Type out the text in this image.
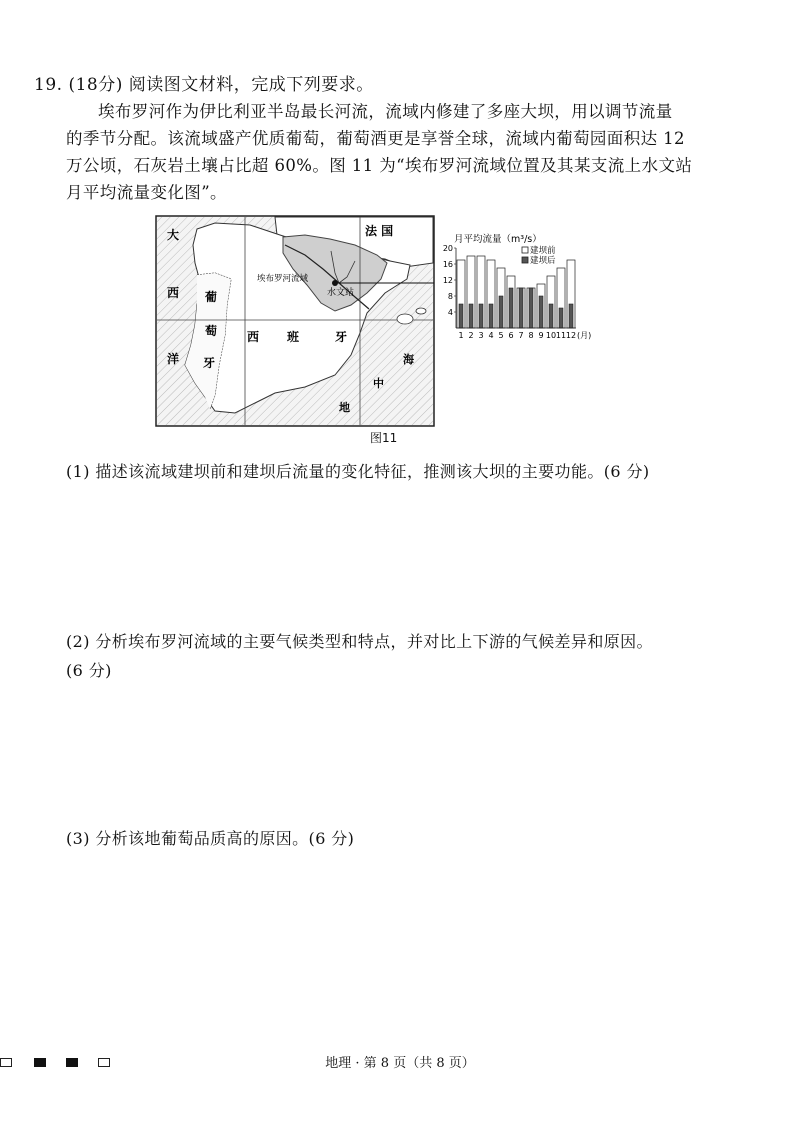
19. (18分) 阅读图文材料，完成下列要求。
埃布罗河作为伊比利亚半岛最长河流，流域内修建了多座大坝，用以调节流量
的季节分配。该流域盛产优质葡萄，葡萄酒更是享誉全球，流域内葡萄园面积达 12
万公顷，石灰岩土壤占比超 60%。图 11 为“埃布罗河流域位置及其某支流上水文站
月平均流量变化图”。
大
西
洋
葡
萄
牙
西 班	牙
法 国
埃布罗河流域
水文站
海
中
地
月平均流量（m³/s）
建坝前
建坝后
4
8
12
16
20
1 2 3 4 5 6 7 8 9 10 11 12 (月)
图11
(1) 描述该流域建坝前和建坝后流量的变化特征，推测该大坝的主要功能。(6 分)
(2) 分析埃布罗河流域的主要气候类型和特点，并对比上下游的气候差异和原因。
(6 分)
(3) 分析该地葡萄品质高的原因。(6 分)
地理 · 第 8 页（共 8 页）
